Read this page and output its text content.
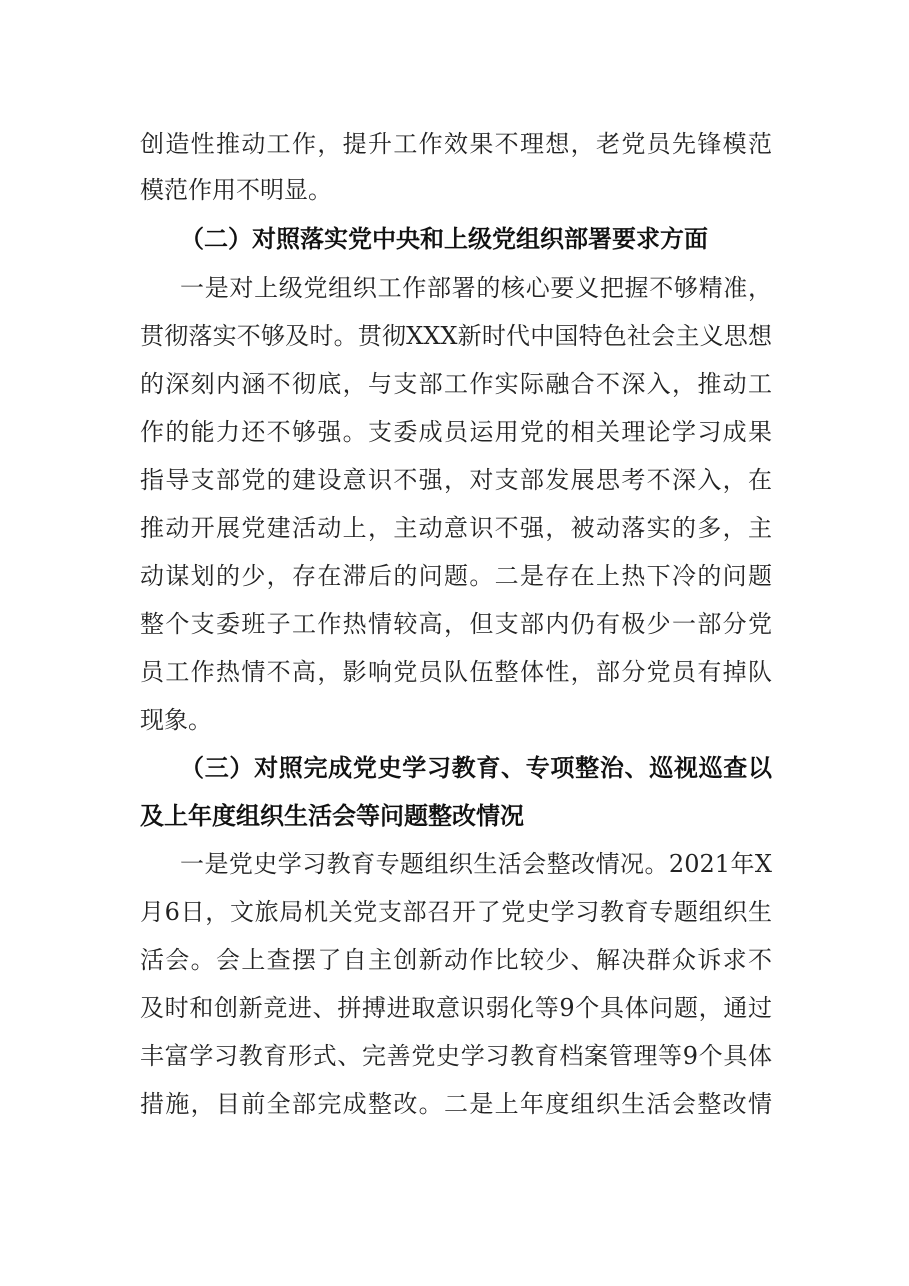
创造性推动工作，提升工作效果不理想，老党员先锋模范
模范作用不明显。
（二）对照落实党中央和上级党组织部署要求方面
一是对上级党组织工作部署的核心要义把握不够精准，
贯彻落实不够及时。贯彻XXX新时代中国特色社会主义思想
的深刻内涵不彻底，与支部工作实际融合不深入，推动工
作的能力还不够强。支委成员运用党的相关理论学习成果
指导支部党的建设意识不强，对支部发展思考不深入，在
推动开展党建活动上，主动意识不强，被动落实的多，主
动谋划的少，存在滞后的问题。二是存在上热下冷的问题
整个支委班子工作热情较高，但支部内仍有极少一部分党
员工作热情不高，影响党员队伍整体性，部分党员有掉队
现象。
（三）对照完成党史学习教育、专项整治、巡视巡查以
及上年度组织生活会等问题整改情况
一是党史学习教育专题组织生活会整改情况。2021年X
月6日，文旅局机关党支部召开了党史学习教育专题组织生
活会。会上查摆了自主创新动作比较少、解决群众诉求不
及时和创新竞进、拼搏进取意识弱化等9个具体问题，通过
丰富学习教育形式、完善党史学习教育档案管理等9个具体
措施，目前全部完成整改。二是上年度组织生活会整改情
